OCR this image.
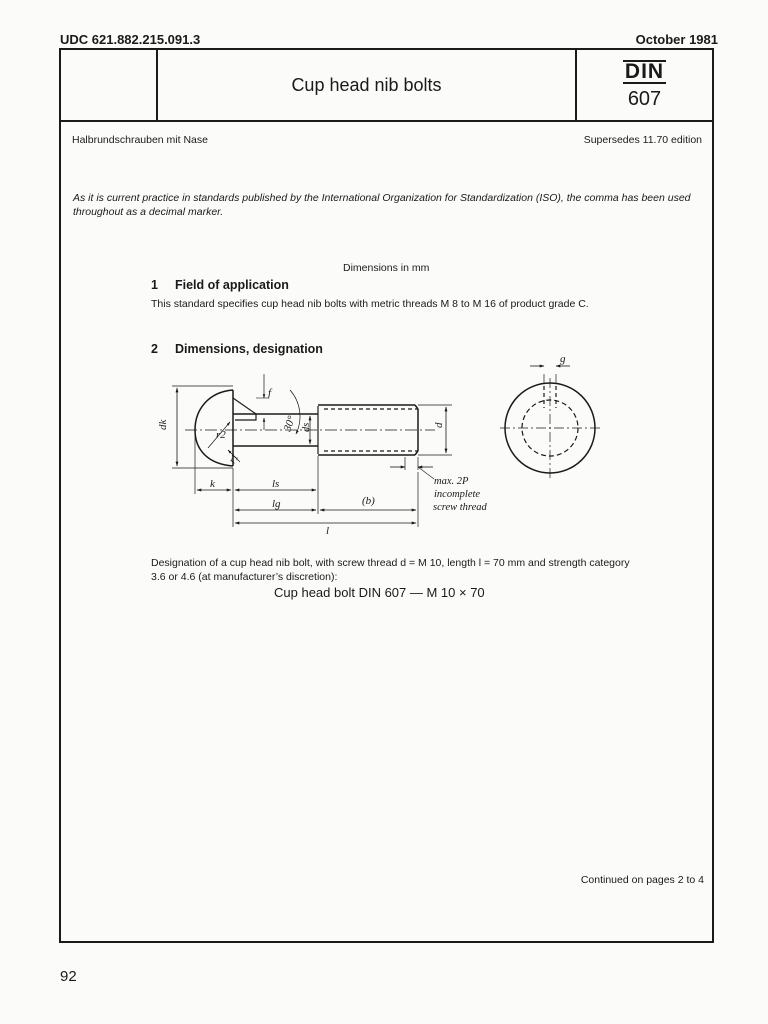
UDC 621.882.215.091.3	October 1981
Cup head nib bolts
DIN
607
Halbrundschrauben mit Nase	Supersedes 11.70 edition
As it is current practice in standards published by the International Organization for Standardization (ISO), the comma has been used throughout as a decimal marker.
Dimensions in mm
1 Field of application
This standard specifies cup head nib bolts with metric threads M 8 to M 16 of product grade C.
2 Dimensions, designation
dk
r2
r1
f
30° ds	d
k	ls
lg	(b)
l
max. 2P
incomplete
screw thread
g
Designation of a cup head nib bolt, with screw thread d = M 10, length l = 70 mm and strength category 3.6 or 4.6 (at manufacturer’s discretion):
Cup head bolt DIN 607 — M 10 × 70
Continued on pages 2 to 4
92
